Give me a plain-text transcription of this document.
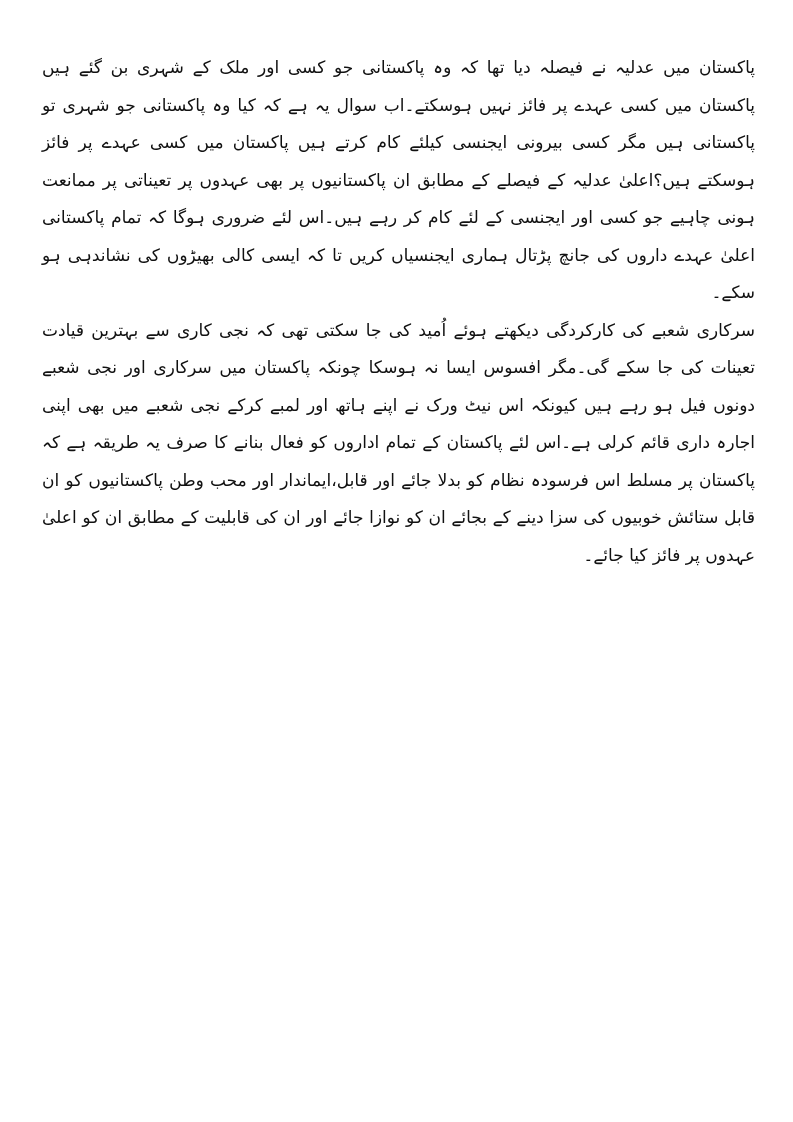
پاکستان میں عدلیہ نے فیصلہ دیا تھا کہ وہ پاکستانی جو کسی اور ملک کے شہری بن گئے ہیں پاکستان میں کسی عہدے پر فائز نہیں ہوسکتے۔اب سوال یہ ہے کہ کیا وہ پاکستانی جو شہری تو پاکستانی ہیں مگر کسی بیرونی ایجنسی کیلئے کام کرتے ہیں پاکستان میں کسی عہدے پر فائز ہوسکتے ہیں؟اعلیٰ عدلیہ کے فیصلے کے مطابق ان پاکستانیوں پر بھی عہدوں پر تعیناتی پر ممانعت ہونی چاہیے جو کسی اور ایجنسی کے لئے کام کر رہے ہیں۔اس لئے ضروری ہوگا کہ تمام پاکستانی اعلیٰ عہدے داروں کی جانچ پڑتال ہماری ایجنسیاں کریں تا کہ ایسی کالی بھیڑوں کی نشاندہی ہو سکے۔

سرکاری شعبے کی کارکردگی دیکھتے ہوئے اُمید کی جا سکتی تھی کہ نجی کاری سے بہترین قیادت تعینات کی جا سکے گی۔مگر افسوس ایسا نہ ہوسکا چونکہ پاکستان میں سرکاری اور نجی شعبے دونوں فیل ہو رہے ہیں کیونکہ اس نیٹ ورک نے اپنے ہاتھ اور لمبے کرکے نجی شعبے میں بھی اپنی اجارہ داری قائم کرلی ہے۔اس لئے پاکستان کے تمام اداروں کو فعال بنانے کا صرف یہ طریقہ ہے کہ پاکستان پر مسلط اس فرسودہ نظام کو بدلا جائے اور قابل،ایماندار اور محب وطن پاکستانیوں کو ان قابل ستائش خوبیوں کی سزا دینے کے بجائے ان کو نوازا جائے اور ان کی قابلیت کے مطابق ان کو اعلیٰ عہدوں پر فائز کیا جائے۔
